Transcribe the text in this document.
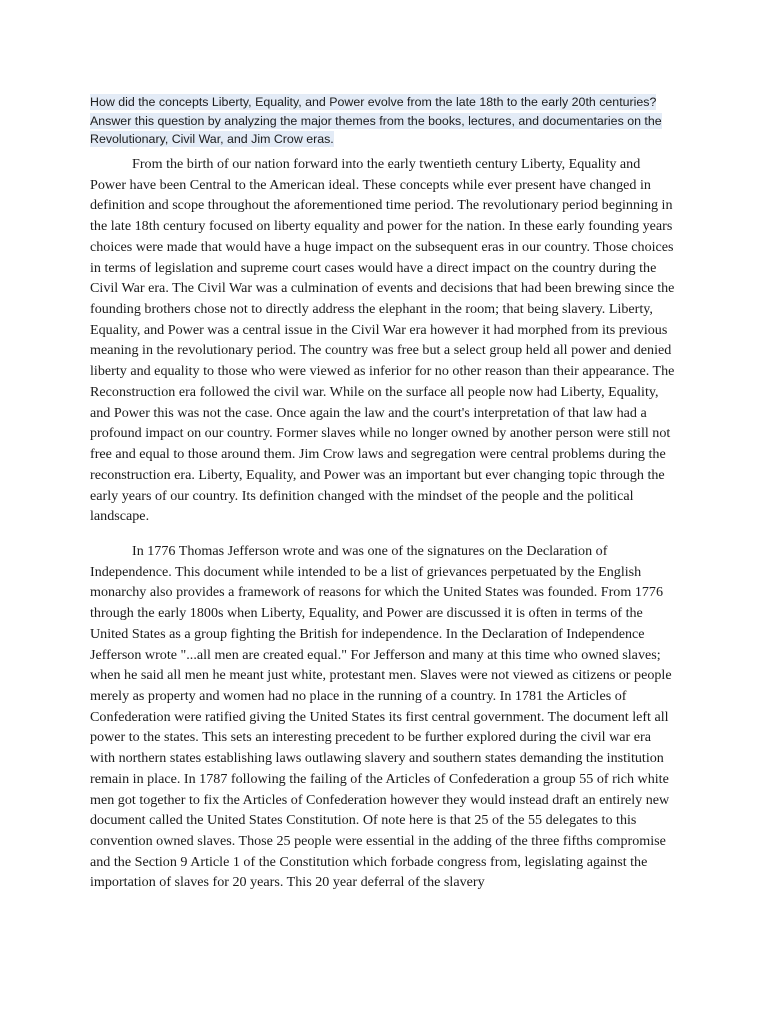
How did the concepts Liberty, Equality, and Power evolve from the late 18th to the early 20th centuries? Answer this question by analyzing the major themes from the books, lectures, and documentaries on the Revolutionary, Civil War, and Jim Crow eras.

From the birth of our nation forward into the early twentieth century Liberty, Equality and Power have been Central to the American ideal. These concepts while ever present have changed in definition and scope throughout the aforementioned time period. The revolutionary period beginning in the late 18th century focused on liberty equality and power for the nation. In these early founding years choices were made that would have a huge impact on the subsequent eras in our country. Those choices in terms of legislation and supreme court cases would have a direct impact on the country during the Civil War era. The Civil War was a culmination of events and decisions that had been brewing since the founding brothers chose not to directly address the elephant in the room; that being slavery. Liberty, Equality, and Power was a central issue in the Civil War era however it had morphed from its previous meaning in the revolutionary period. The country was free but a select group held all power and denied liberty and equality to those who were viewed as inferior for no other reason than their appearance. The Reconstruction era followed the civil war. While on the surface all people now had Liberty, Equality, and Power this was not the case. Once again the law and the court's interpretation of that law had a profound impact on our country. Former slaves while no longer owned by another person were still not free and equal to those around them. Jim Crow laws and segregation were central problems during the reconstruction era. Liberty, Equality, and Power was an important but ever changing topic through the early years of our country. Its definition changed with the mindset of the people and the political landscape.

In 1776 Thomas Jefferson wrote and was one of the signatures on the Declaration of Independence. This document while intended to be a list of grievances perpetuated by the English monarchy also provides a framework of reasons for which the United States was founded. From 1776 through the early 1800s when Liberty, Equality, and Power are discussed it is often in terms of the United States as a group fighting the British for independence. In the Declaration of Independence Jefferson wrote "...all men are created equal." For Jefferson and many at this time who owned slaves; when he said all men he meant just white, protestant men. Slaves were not viewed as citizens or people merely as property and women had no place in the running of a country. In 1781 the Articles of Confederation were ratified giving the United States its first central government. The document left all power to the states. This sets an interesting precedent to be further explored during the civil war era with northern states establishing laws outlawing slavery and southern states demanding the institution remain in place. In 1787 following the failing of the Articles of Confederation a group 55 of rich white men got together to fix the Articles of Confederation however they would instead draft an entirely new document called the United States Constitution. Of note here is that 25 of the 55 delegates to this convention owned slaves. Those 25 people were essential in the adding of the three fifths compromise and the Section 9 Article 1 of the Constitution which forbade congress from, legislating against the importation of slaves for 20 years. This 20 year deferral of the slavery
